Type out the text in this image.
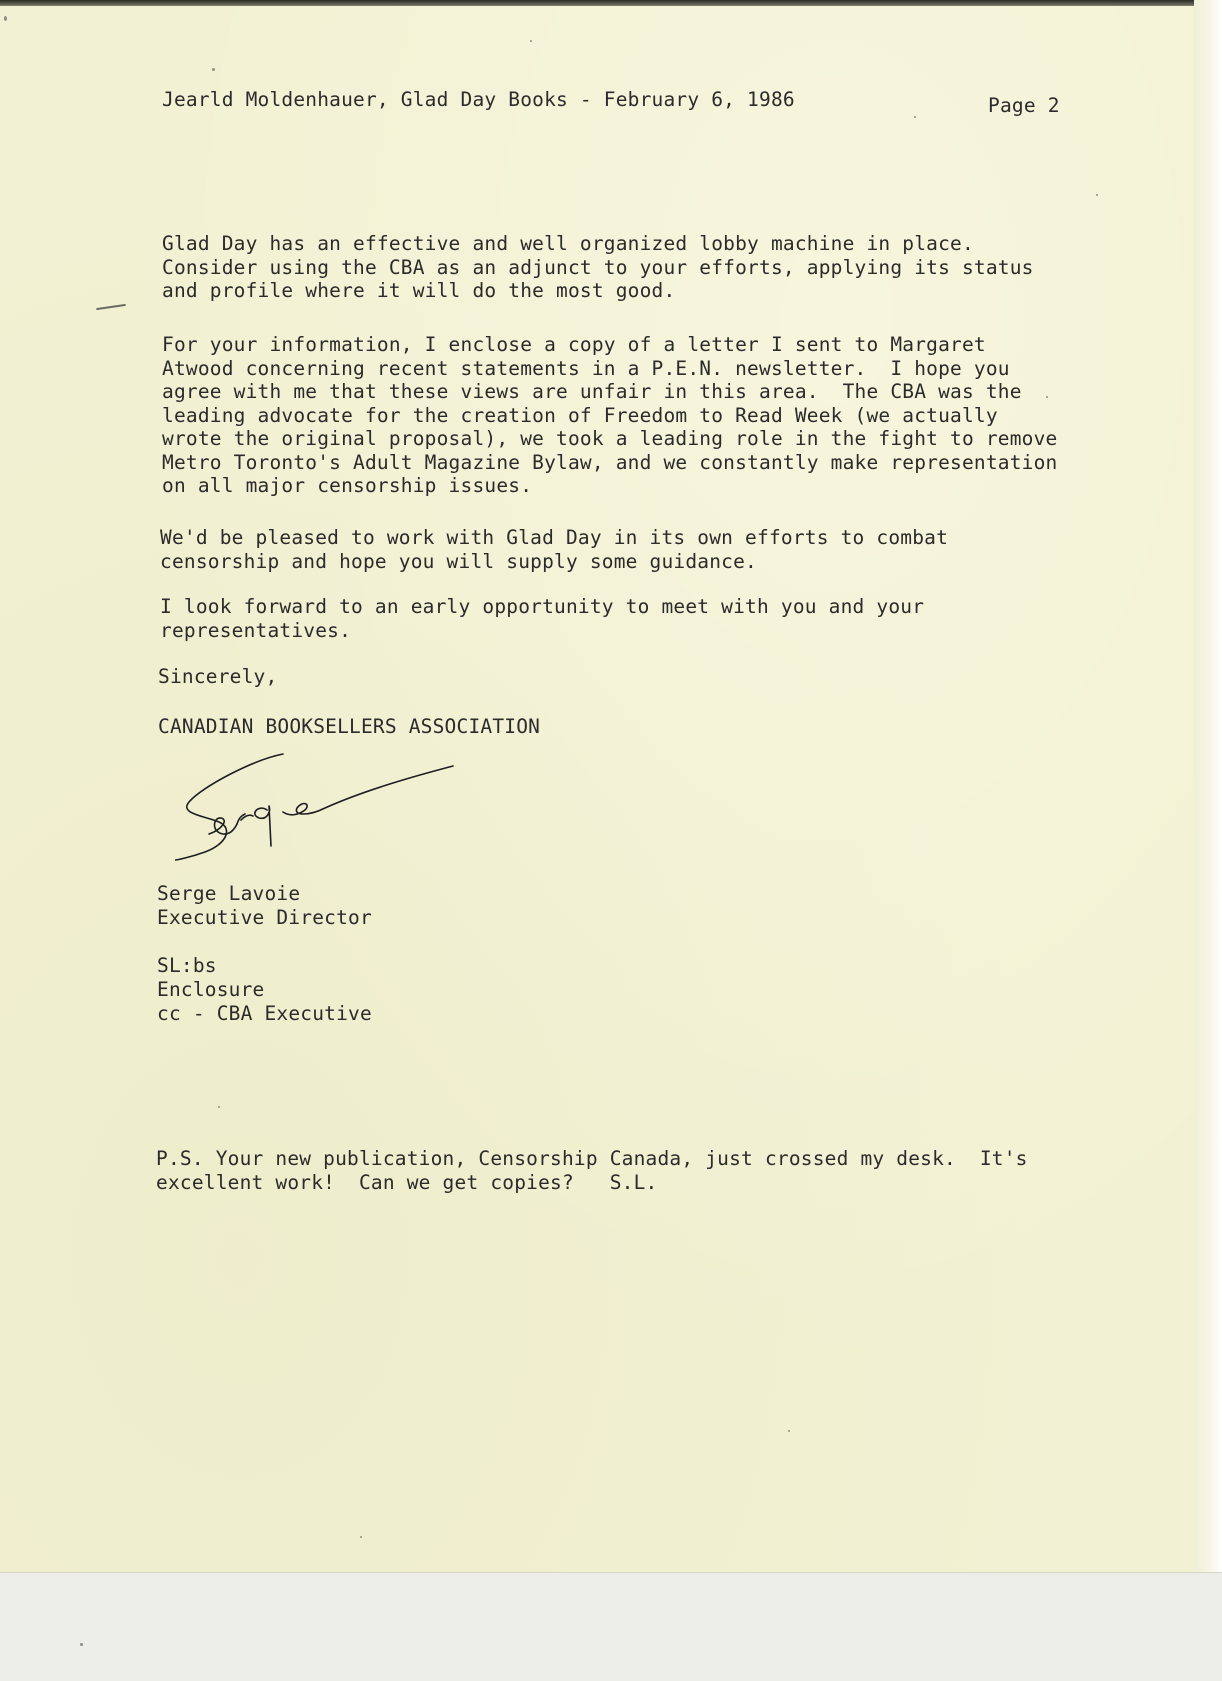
Jearld Moldenhauer, Glad Day Books - February 6, 1986	Page 2

Glad Day has an effective and well organized lobby machine in place.
Consider using the CBA as an adjunct to your efforts, applying its status
and profile where it will do the most good.

For your information, I enclose a copy of a letter I sent to Margaret
Atwood concerning recent statements in a P.E.N. newsletter.  I hope you
agree with me that these views are unfair in this area.  The CBA was the
leading advocate for the creation of Freedom to Read Week (we actually
wrote the original proposal), we took a leading role in the fight to remove
Metro Toronto's Adult Magazine Bylaw, and we constantly make representation
on all major censorship issues.

We'd be pleased to work with Glad Day in its own efforts to combat
censorship and hope you will supply some guidance.

I look forward to an early opportunity to meet with you and your
representatives.

Sincerely,

CANADIAN BOOKSELLERS ASSOCIATION

Serge Lavoie

Executive Director

SL:bs

Enclosure

cc - CBA Executive

P.S. Your new publication, Censorship Canada, just crossed my desk.  It's
excellent work!  Can we get copies?   S.L.
